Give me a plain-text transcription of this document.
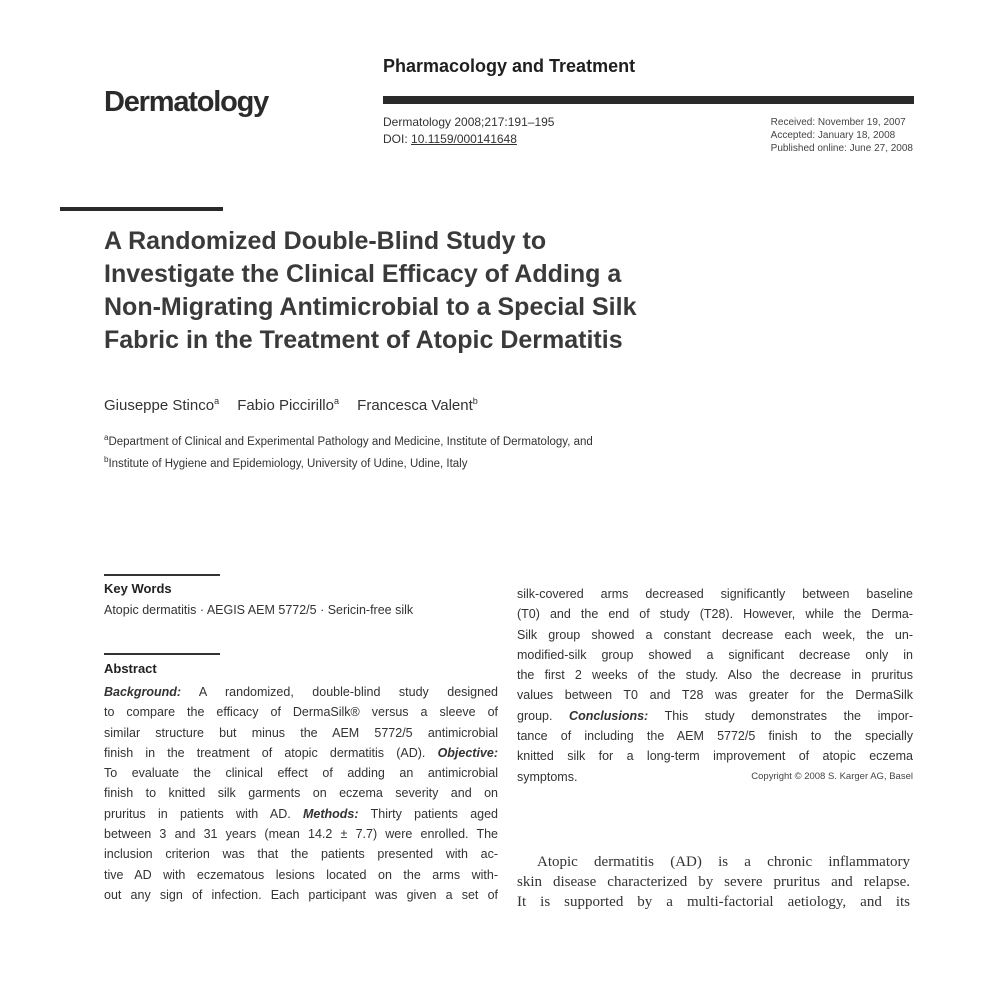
Pharmacology and Treatment
Dermatology
Dermatology 2008;217:191–195
DOI: 10.1159/000141648
Received: November 19, 2007
Accepted: January 18, 2008
Published online: June 27, 2008
A Randomized Double-Blind Study to
Investigate the Clinical Efficacy of Adding a
Non-Migrating Antimicrobial to a Special Silk
Fabric in the Treatment of Atopic Dermatitis
Giuseppe Stinco$^a$ Fabio Piccirillo$^a$ Francesca Valent$^b$
$^a$Department of Clinical and Experimental Pathology and Medicine, Institute of Dermatology, and
$^b$Institute of Hygiene and Epidemiology, University of Udine, Udine, Italy
Key Words
Atopic dermatitis · AEGIS AEM 5772/5 · Sericin-free silk
Abstract
Background: A randomized, double-blind study designed
to compare the efficacy of DermaSilk® versus a sleeve of
similar structure but minus the AEM 5772/5 antimicrobial
finish in the treatment of atopic dermatitis (AD). Objective:
To evaluate the clinical effect of adding an antimicrobial
finish to knitted silk garments on eczema severity and on
pruritus in patients with AD. Methods: Thirty patients aged
between 3 and 31 years (mean 14.2 ± 7.7) were enrolled. The
inclusion criterion was that the patients presented with ac-
tive AD with eczematous lesions located on the arms with-
out any sign of infection. Each participant was given a set of
silk-covered arms decreased significantly between baseline
(T0) and the end of study (T28). However, while the Derma-
Silk group showed a constant decrease each week, the un-
modified-silk group showed a significant decrease only in
the first 2 weeks of the study. Also the decrease in pruritus
values between T0 and T28 was greater for the DermaSilk
group. Conclusions: This study demonstrates the impor-
tance of including the AEM 5772/5 finish to the specially
knitted silk for a long-term improvement of atopic eczema
symptoms.	Copyright © 2008 S. Karger AG, Basel
Atopic dermatitis (AD) is a chronic inflammatory
skin disease characterized by severe pruritus and relapse.
It is supported by a multi-factorial aetiology, and its
